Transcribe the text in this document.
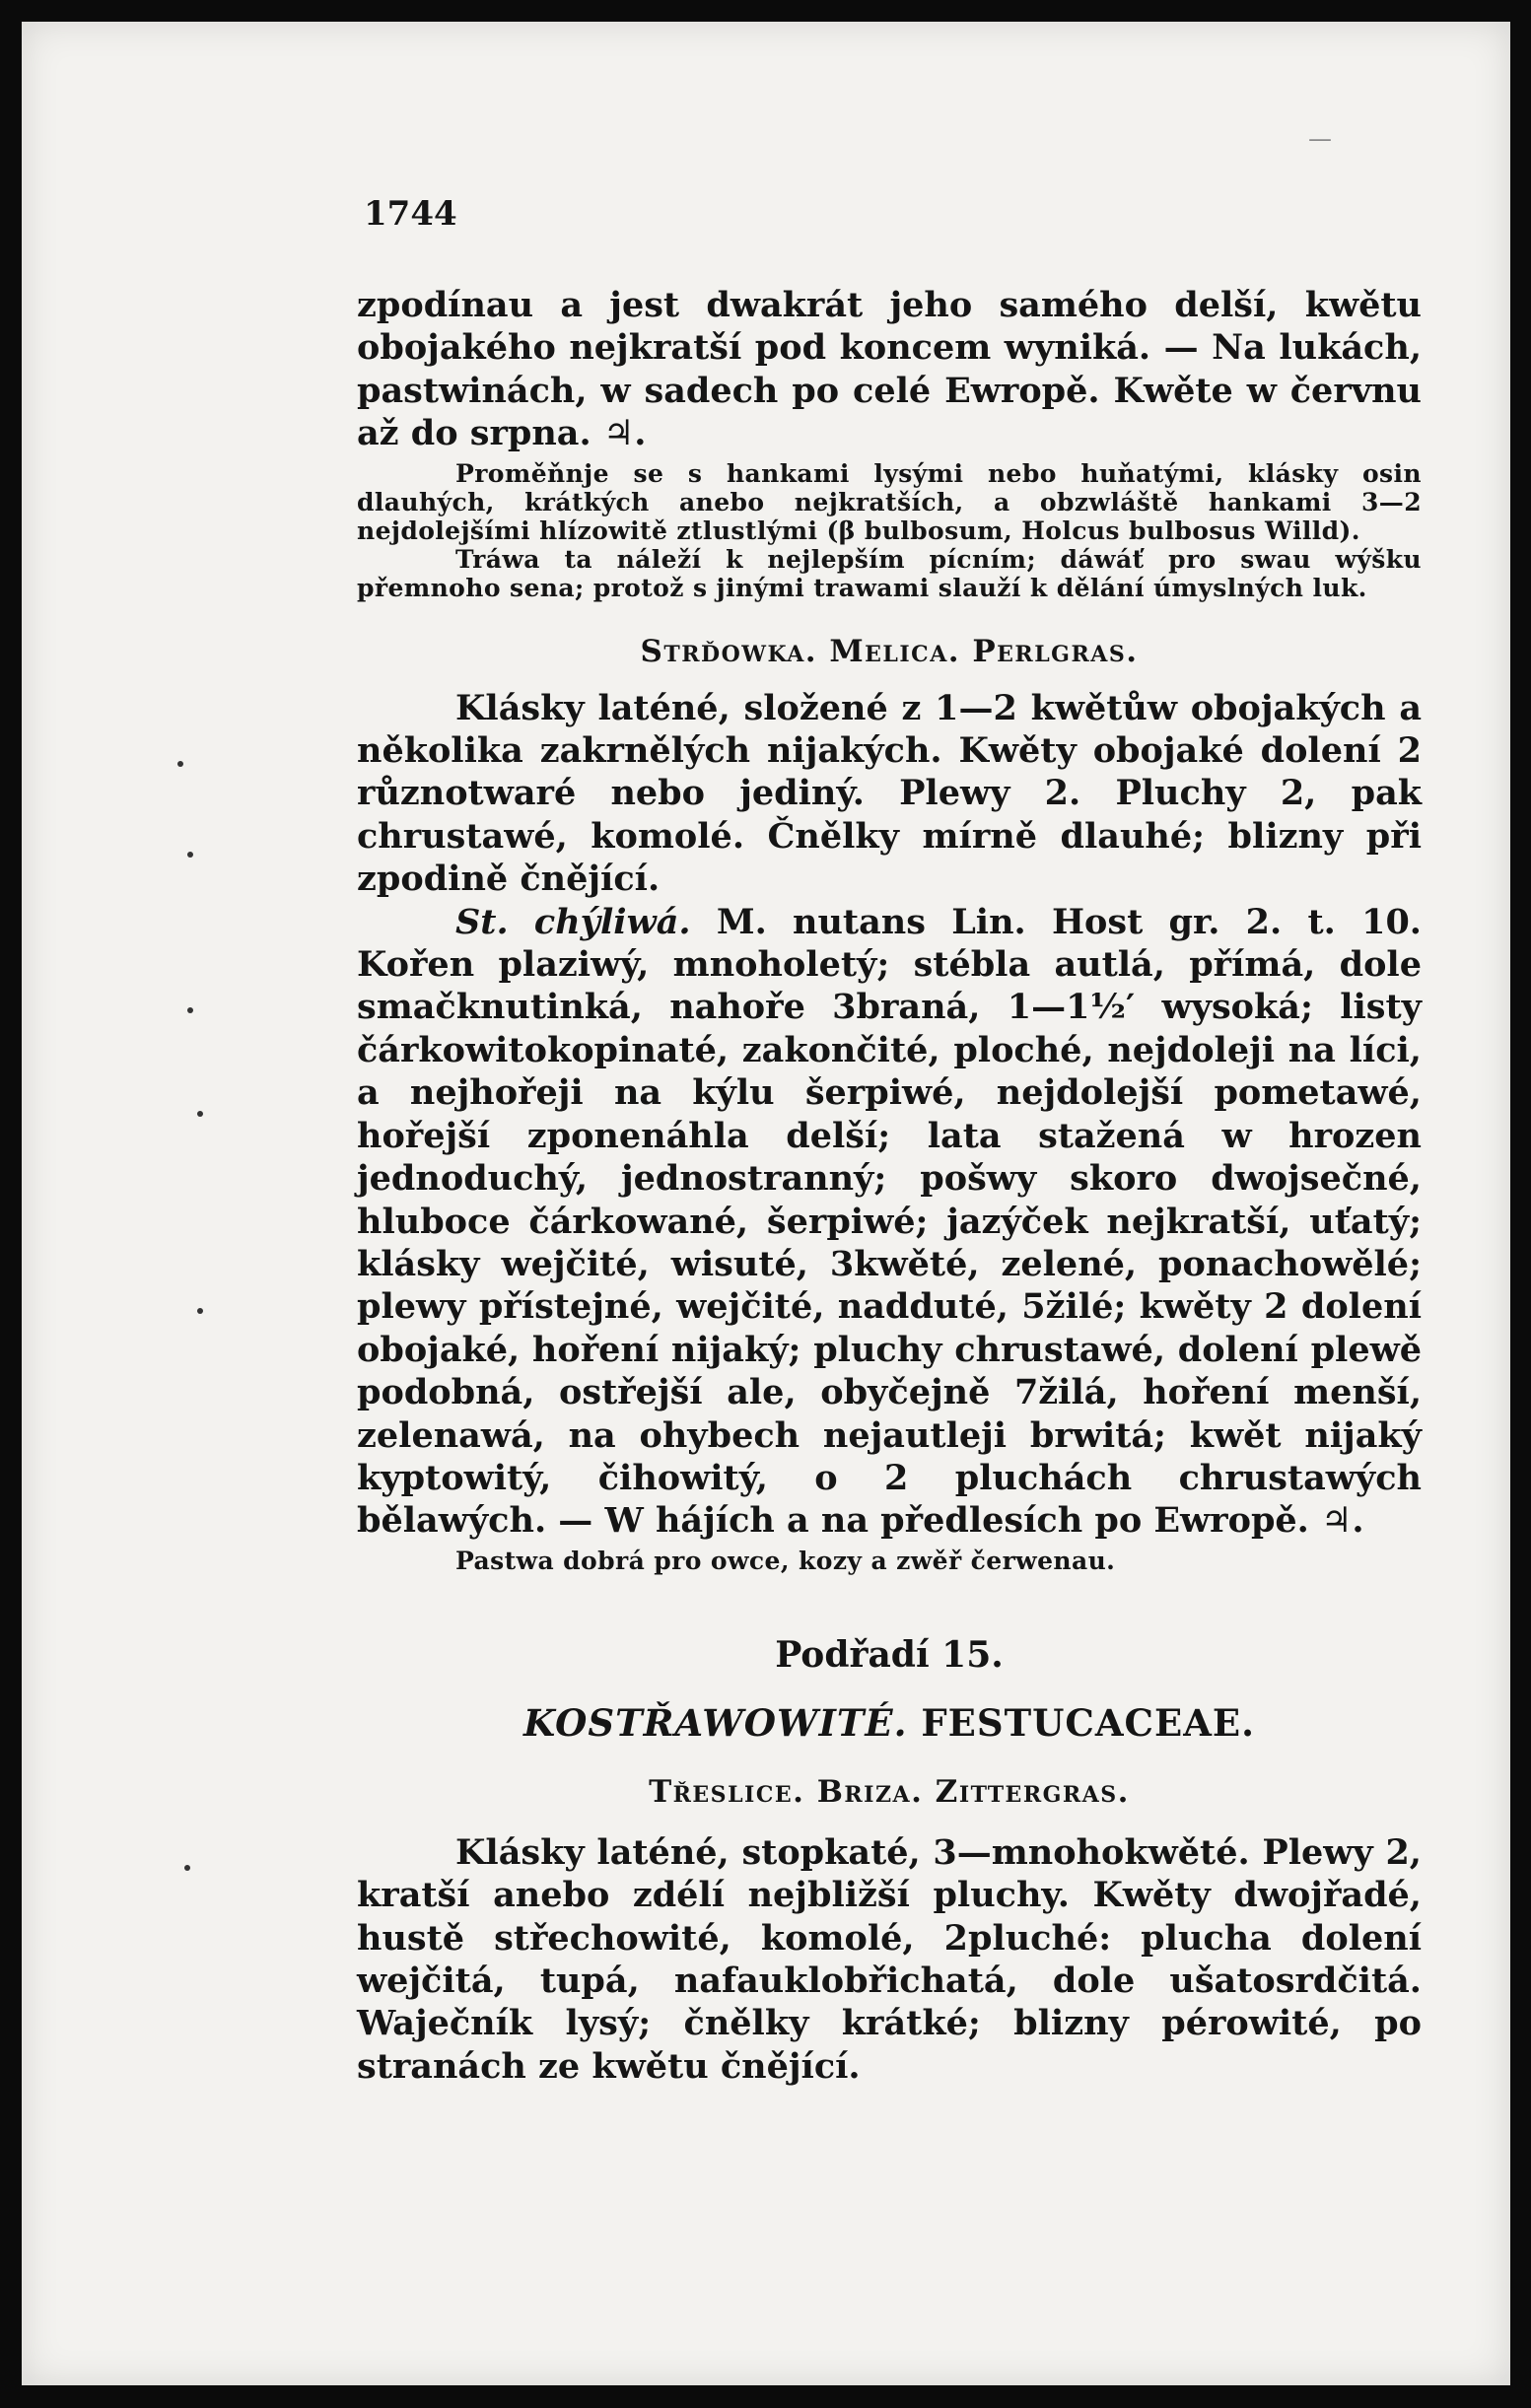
—
1744

zpodínau a jest dwakrát jeho samého delší, kwětu obojakého nejkratší pod koncem wyniká. — Na lukách, pastwinách, w sadech po celé Ewropě. Kwěte w červnu až do srpna. ♃.

Proměňnje se s hankami lysými nebo huňatými, klásky osin dlauhých, krátkých anebo nejkratších, a obzwláště hankami 3—2 nejdolejšími hlízowitě ztlustlými (β bulbosum, Holcus bulbosus Willd).

Tráwa ta náleží k nejlepším pícním; dáwáť pro swau wýšku přemnoho sena; protož s jinými trawami slauží k dělání úmyslných luk.

Strďowka. Melica. Perlgras.

Klásky laténé, složené z 1—2 kwětůw obojakých a několika zakrnělých nijakých. Kwěty obojaké dolení 2 různotwaré nebo jediný. Plewy 2. Pluchy 2, pak chrustawé, komolé. Čnělky mírně dlauhé; blizny při zpodině čnějící.

St. chýliwá. M. nutans Lin. Host gr. 2. t. 10. Kořen plaziwý, mnoholetý; stébla autlá, přímá, dole smačknutinká, nahoře 3braná, 1—1½′ wysoká; listy čárkowitokopinaté, zakončité, ploché, nejdoleji na líci, a nejhořeji na kýlu šerpiwé, nejdolejší pometawé, hořejší zponenáhla delší; lata stažená w hrozen jednoduchý, jednostranný; pošwy skoro dwojsečné, hluboce čárkowané, šerpiwé; jazýček nejkratší, uťatý; klásky wejčité, wisuté, 3kwěté, zelené, ponachowělé; plewy přístejné, wejčité, nadduté, 5žilé; kwěty 2 dolení obojaké, hoření nijaký; pluchy chrustawé, dolení plewě podobná, ostřejší ale, obyčejně 7žilá, hoření menší, zelenawá, na ohybech nejautleji brwitá; kwět nijaký kyptowitý, čihowitý, o 2 pluchách chrustawých bělawých. — W hájích a na předlesích po Ewropě. ♃.

Pastwa dobrá pro owce, kozy a zwěř čerwenau.

Podřadí 15.

KOSTŘAWOWITÉ. FESTUCACEAE.

Třeslice. Briza. Zittergras.

Klásky laténé, stopkaté, 3—mnohokwěté. Plewy 2, kratší anebo zdélí nejbližší pluchy. Kwěty dwojřadé, hustě střechowité, komolé, 2pluché: plucha dolení wejčitá, tupá, nafauklobřichatá, dole ušatosrdčitá. Waječník lysý; čnělky krátké; blizny pérowité, po stranách ze kwětu čnějící.
